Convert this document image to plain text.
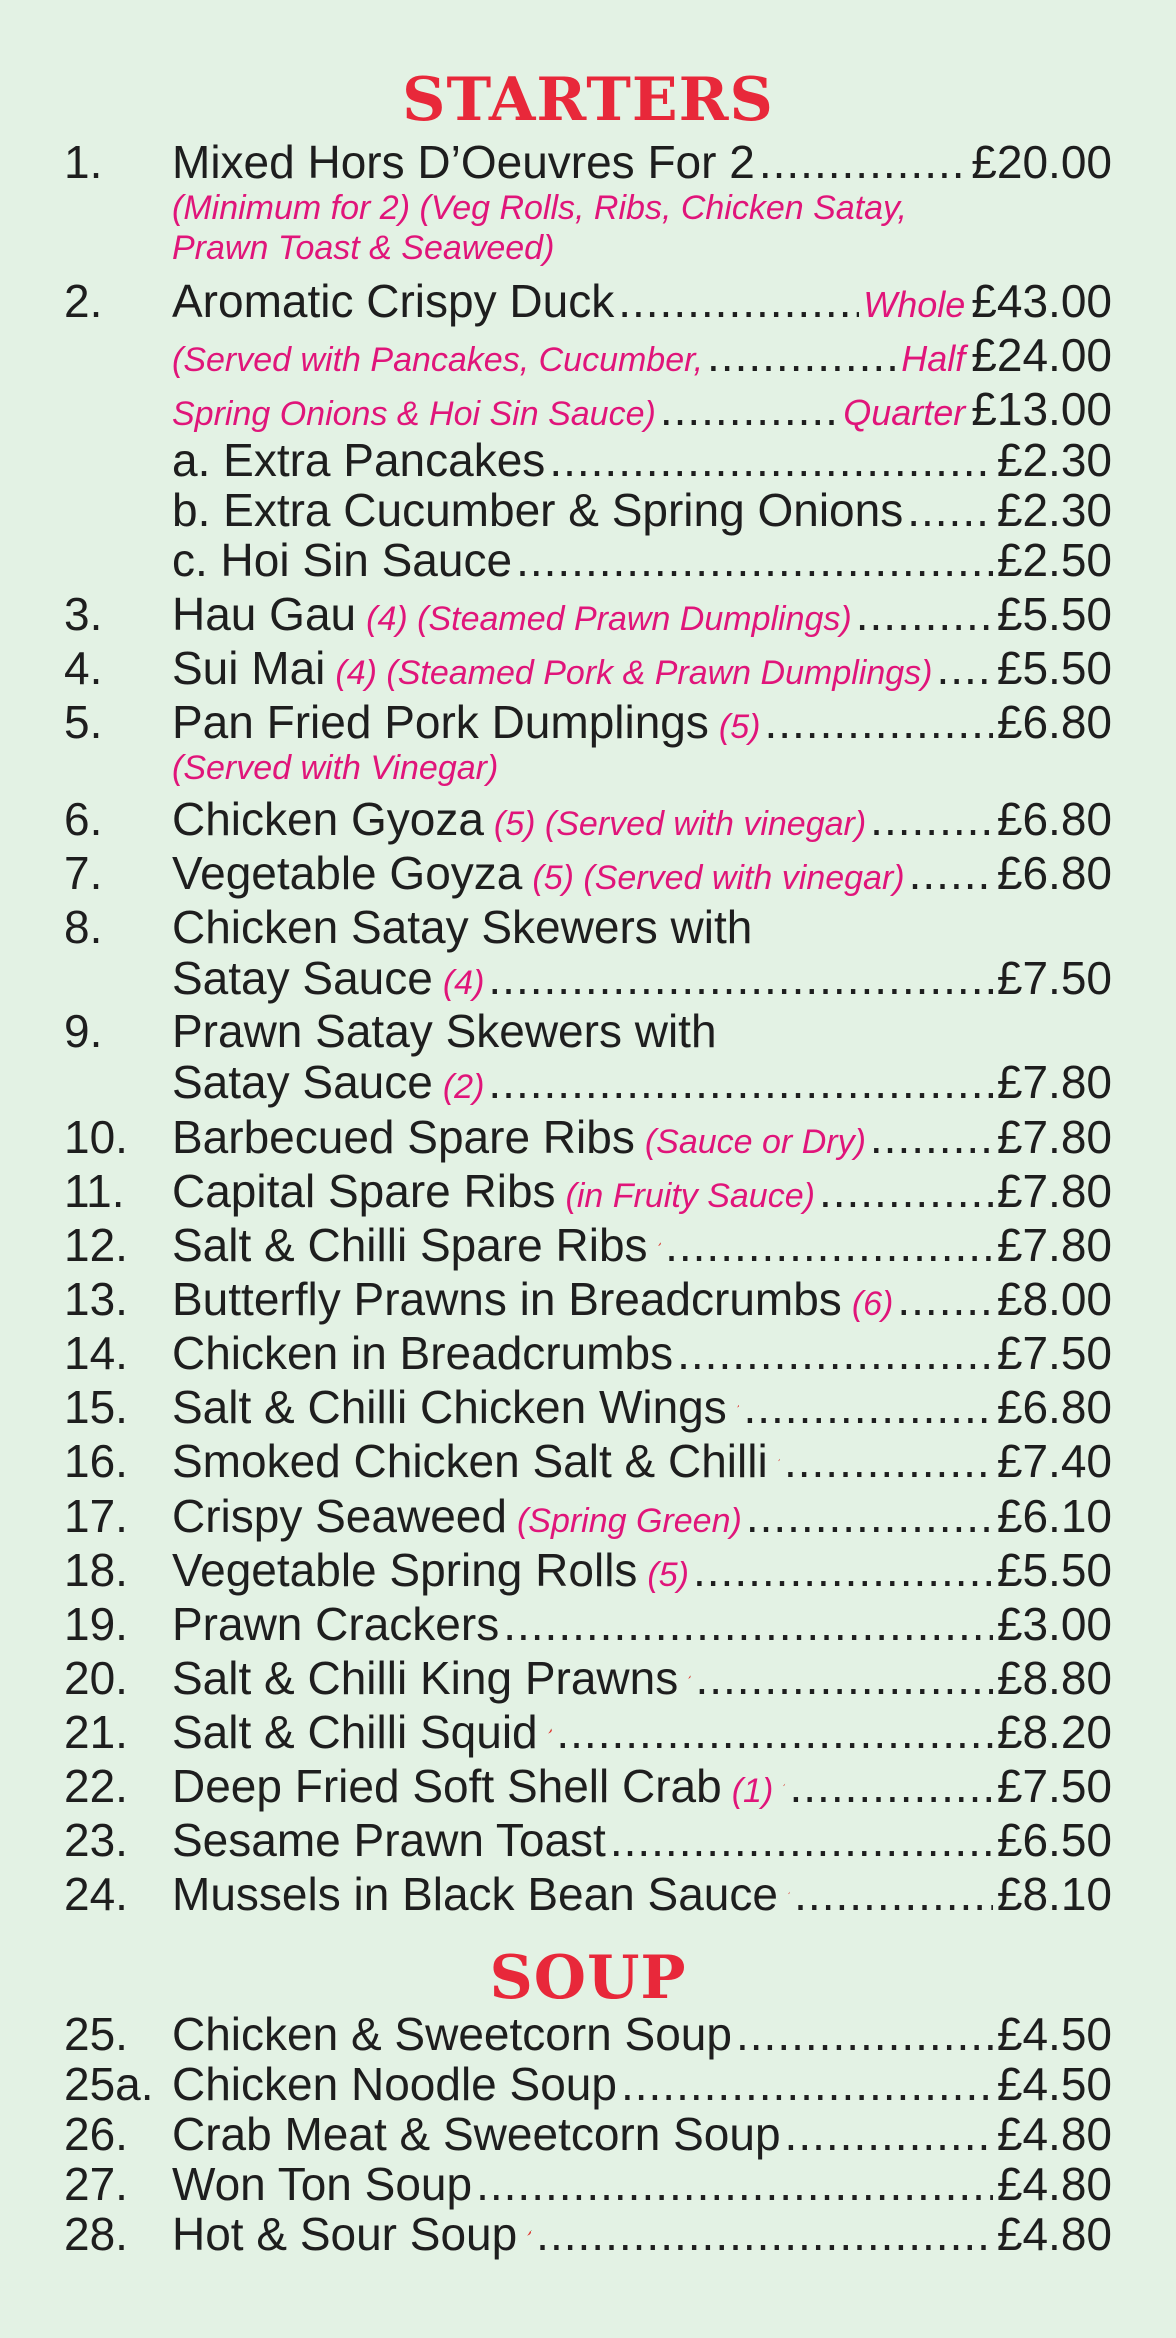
STARTERS
1. Mixed Hors D’Oeuvres For 2 .....	£20.00
(Minimum for 2) (Veg Rolls, Ribs, Chicken Satay,
Prawn Toast & Seaweed)
2. Aromatic Crispy Duck .....	Whole £43.00
(Served with Pancakes, Cucumber, .....	Half £24.00
Spring Onions & Hoi Sin Sauce) .....	Quarter £13.00
a. Extra Pancakes .....	£2.30
b. Extra Cucumber & Spring Onions ..... £2.30
c. Hoi Sin Sauce .....	£2.50
3. Hau Gau (4) (Steamed Prawn Dumplings) .....	£5.50
4. Sui Mai (4) (Steamed Pork & Prawn Dumplings) ..... £5.50
5. Pan Fried Pork Dumplings (5) .....	£6.80
(Served with Vinegar)
6. Chicken Gyoza (5) (Served with vinegar) .....	£6.80
7. Vegetable Goyza (5) (Served with vinegar) ..... £6.80
8. Chicken Satay Skewers with
Satay Sauce (4) .....	£7.50
9. Prawn Satay Skewers with
Satay Sauce (2) .....	£7.80
10. Barbecued Spare Ribs (Sauce or Dry) .....	£7.80
11. Capital Spare Ribs (in Fruity Sauce) .....	£7.80
12. Salt & Chilli Spare Ribs .....	£7.80
13. Butterfly Prawns in Breadcrumbs (6) ..... £8.00
14. Chicken in Breadcrumbs .....	£7.50
15. Salt & Chilli Chicken Wings .....	£6.80
16. Smoked Chicken Salt & Chilli .....	£7.40
17. Crispy Seaweed (Spring Green) .....	£6.10
18. Vegetable Spring Rolls (5) .....	£5.50
19. Prawn Crackers .....	£3.00
20. Salt & Chilli King Prawns .....	£8.80
21. Salt & Chilli Squid .....	£8.20
22. Deep Fried Soft Shell Crab (1) .....	£7.50
23. Sesame Prawn Toast .....	£6.50
24. Mussels in Black Bean Sauce .....	£8.10
SOUP
25. Chicken & Sweetcorn Soup .....	£4.50
25a. Chicken Noodle Soup .....	£4.50
26. Crab Meat & Sweetcorn Soup .....	£4.80
27. Won Ton Soup .....	£4.80
28. Hot & Sour Soup .....	£4.80
